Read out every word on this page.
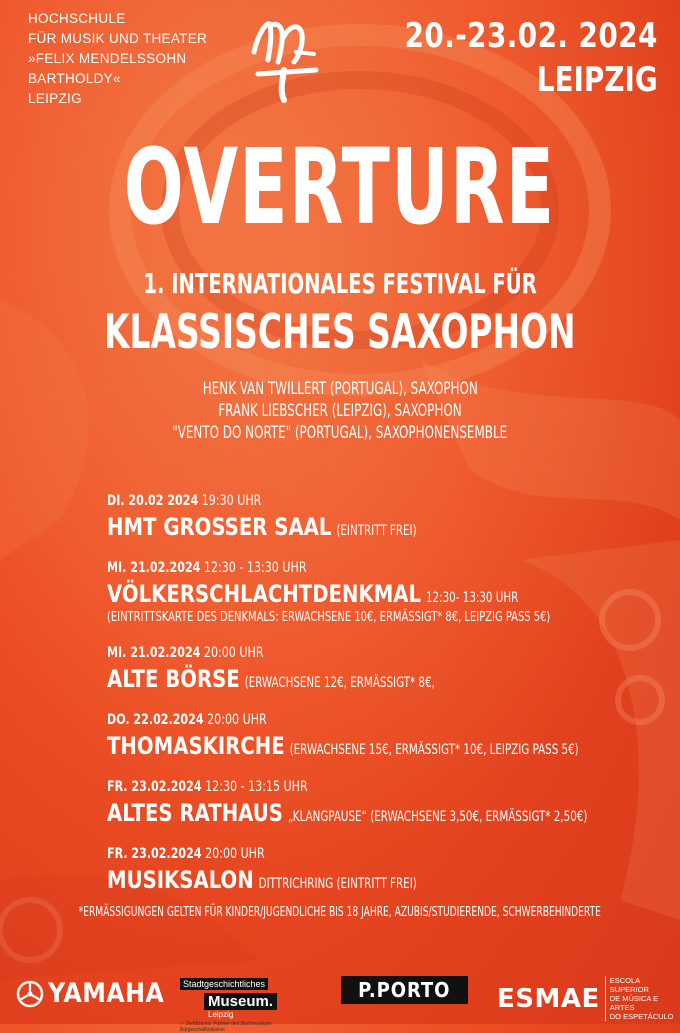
HOCHSCHULE
FÜR MUSIK UND THEATER
»FELIX MENDELSSOHN
BARTHOLDY«
LEIPZIG
20.-23.02. 2024
LEIPZIG
OVERTURE
1. INTERNATIONALES FESTIVAL FÜR
KLASSISCHES SAXOPHON
HENK VAN TWILLERT (PORTUGAL), SAXOPHON
FRANK LIEBSCHER (LEIPZIG), SAXOPHON
"VENTO DO NORTE" (PORTUGAL), SAXOPHONENSEMBLE
DI. 20.02 2024 19:30 UHR
HMT GROSSER SAAL (EINTRITT FREI)
MI. 21.02.2024 12:30 - 13:30 UHR
VÖLKERSCHLACHTDENKMAL 12:30- 13:30 UHR
(EINTRITTSKARTE DES DENKMALS: ERWACHSENE 10€, ERMÄSSIGT* 8€, LEIPZIG PASS 5€)
MI. 21.02.2024 20:00 UHR
ALTE BÖRSE (ERWACHSENE 12€, ERMÄSSIGT* 8€,
DO. 22.02.2024 20:00 UHR
THOMASKIRCHE (ERWACHSENE 15€, ERMÄSSIGT* 10€, LEIPZIG PASS 5€)
FR. 23.02.2024 12:30 - 13:15 UHR
ALTES RATHAUS „KLANGPAUSE“ (ERWACHSENE 3,50€, ERMÄSSIGT* 2,50€)
FR. 23.02.2024 20:00 UHR
MUSIKSALON DITTRICHRING (EINTRITT FREI)
*ERMÄSSIGUNGEN GELTEN FÜR KINDER/JUGENDLICHE BIS 18 JAHRE, AZUBIS/STUDIERENDE, SCHWERBEHINDERTE
YAMAHA	Stadtgeschichtliches
Museum.
Leipzig
✓ Zertifizierter Partner des Bachmuseum Bürgeschaftinitiative
P.PORTO	ESMAE
ESCOLA SUPERIOR
DE MÚSICA E ARTES
DO ESPETÁCULO
